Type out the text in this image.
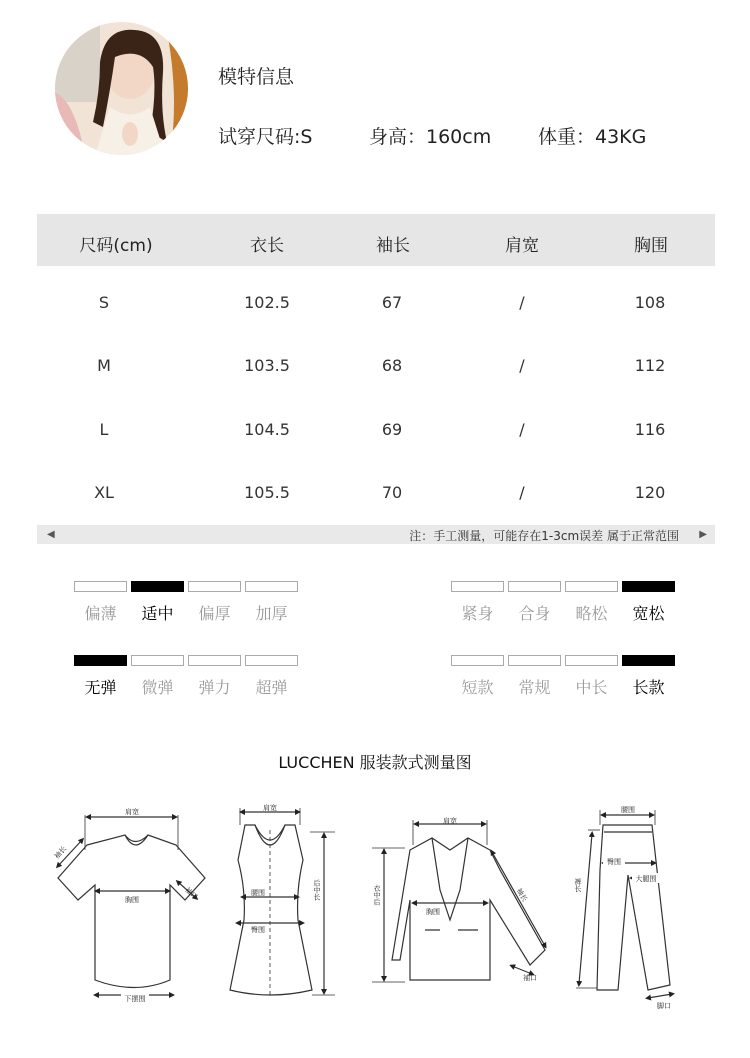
模特信息
试穿尺码:S	身高：160cm 体重：43KG
尺码(cm)	衣长	袖长	肩宽	胸围
S	102.5	67	/	108
M	103.5	68	/	112
L	104.5	69	/	116
XL	105.5	70	/	120
◀	注：手工测量，可能存在1-3cm误差 属于正常范围 ▶
偏薄	适中	偏厚	加厚	紧身	合身	略松	宽松
无弹	微弹	弹力	超弹	短款	常规	中长	长款
LUCCHEN 服装款式测量图
肩宽
袖长
胸围	袖口
下摆围
肩宽
腰围
臀围
后中长
肩宽
衣中后
胸围
袖长
袖口
腰围
臀围
大腿围
裤长
脚口
